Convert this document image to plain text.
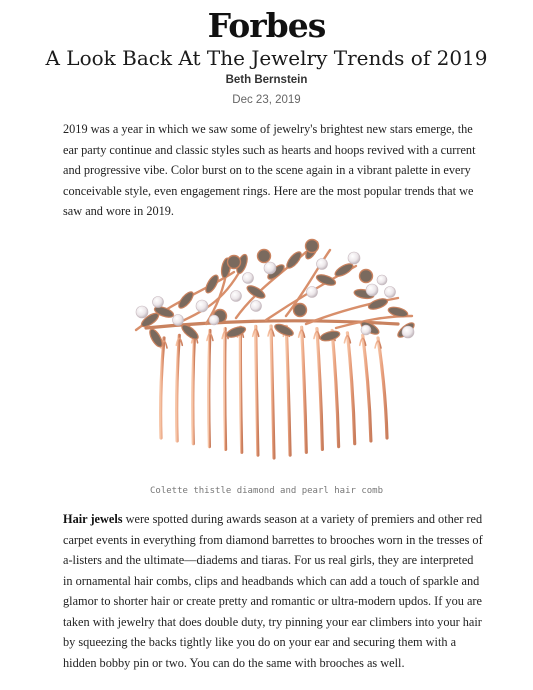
Forbes
A Look Back At The Jewelry Trends of 2019
Beth Bernstein
Dec 23, 2019

2019 was a year in which we saw some of jewelry's brightest new stars emerge, the ear party continue and classic styles such as hearts and hoops revived with a current and progressive vibe. Color burst on to the scene again in a vibrant palette in every conceivable style, even engagement rings. Here are the most popular trends that we saw and wore in 2019.

Colette thistle diamond and pearl hair comb

Hair jewels were spotted during awards season at a variety of premiers and other red carpet events in everything from diamond barrettes to brooches worn in the tresses of a-listers and the ultimate—diadems and tiaras. For us real girls, they are interpreted in ornamental hair combs, clips and headbands which can add a touch of sparkle and glamor to shorter hair or create pretty and romantic or ultra-modern updos. If you are taken with jewelry that does double duty, try pinning your ear climbers into your hair by squeezing the backs tightly like you do on your ear and securing them with a hidden bobby pin or two. You can do the same with brooches as well.
